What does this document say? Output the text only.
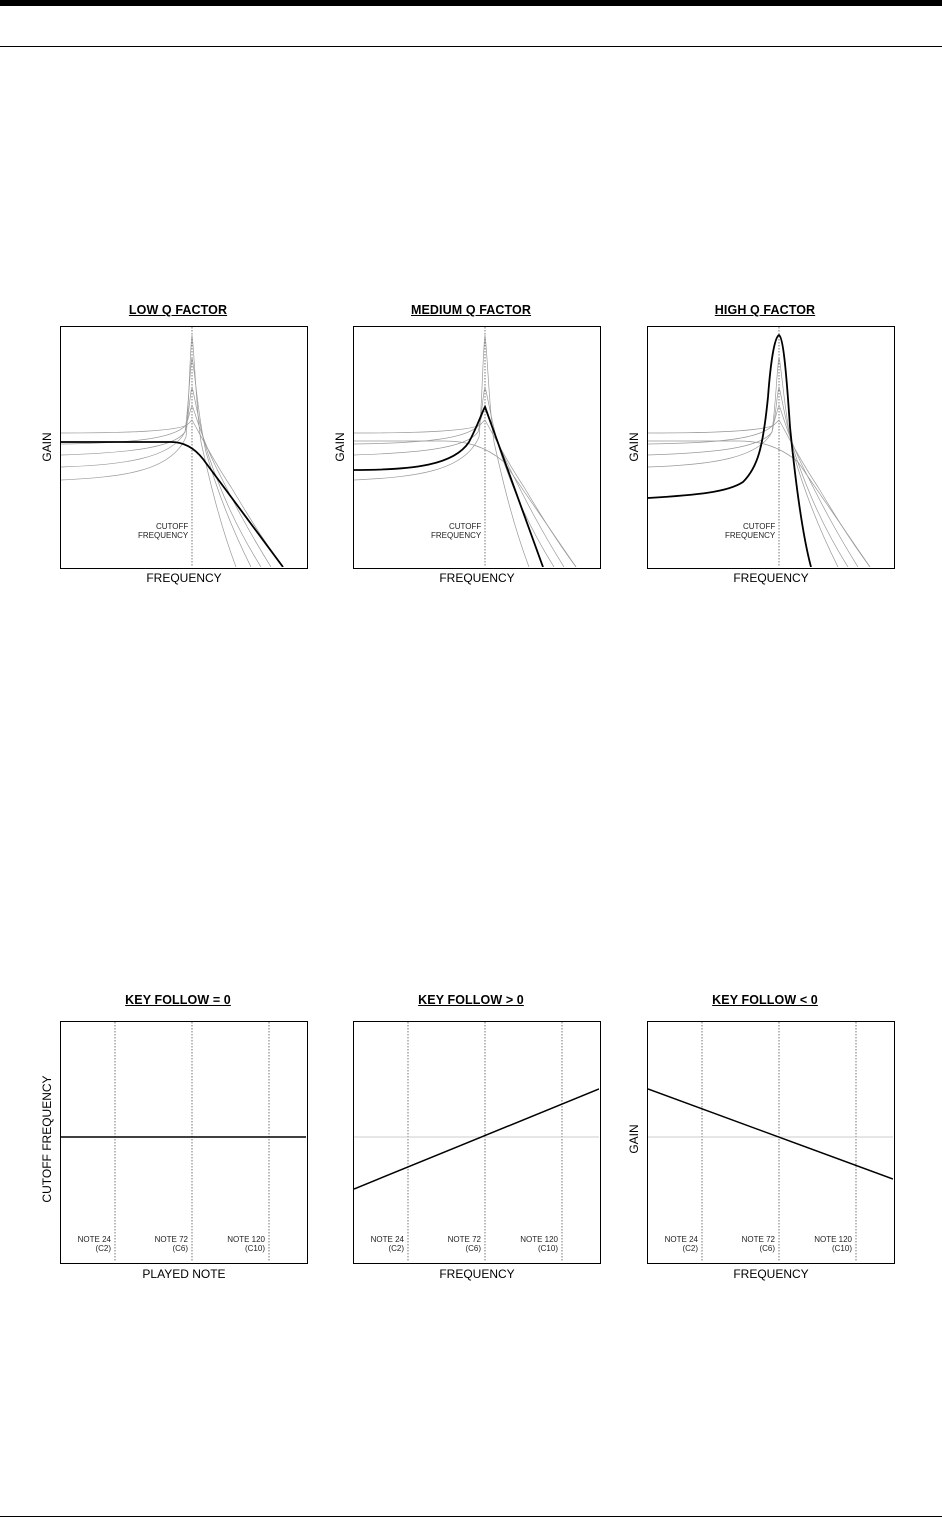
LOW Q FACTOR
CUTOFF
FREQUENCY
FREQUENCY
GAIN
MEDIUM Q FACTOR
CUTOFF
FREQUENCY
FREQUENCY
GAIN
HIGH Q FACTOR
CUTOFF
FREQUENCY
FREQUENCY
GAIN
KEY FOLLOW = 0
NOTE 24
(C2)
NOTE 72
(C6)
NOTE 120
(C10)
PLAYED NOTE
CUTOFF FREQUENCY
KEY FOLLOW > 0
NOTE 24
(C2)
NOTE 72
(C6)
NOTE 120
(C10)
FREQUENCY
KEY FOLLOW < 0
NOTE 24
(C2)
NOTE 72
(C6)
NOTE 120
(C10)
FREQUENCY
GAIN
